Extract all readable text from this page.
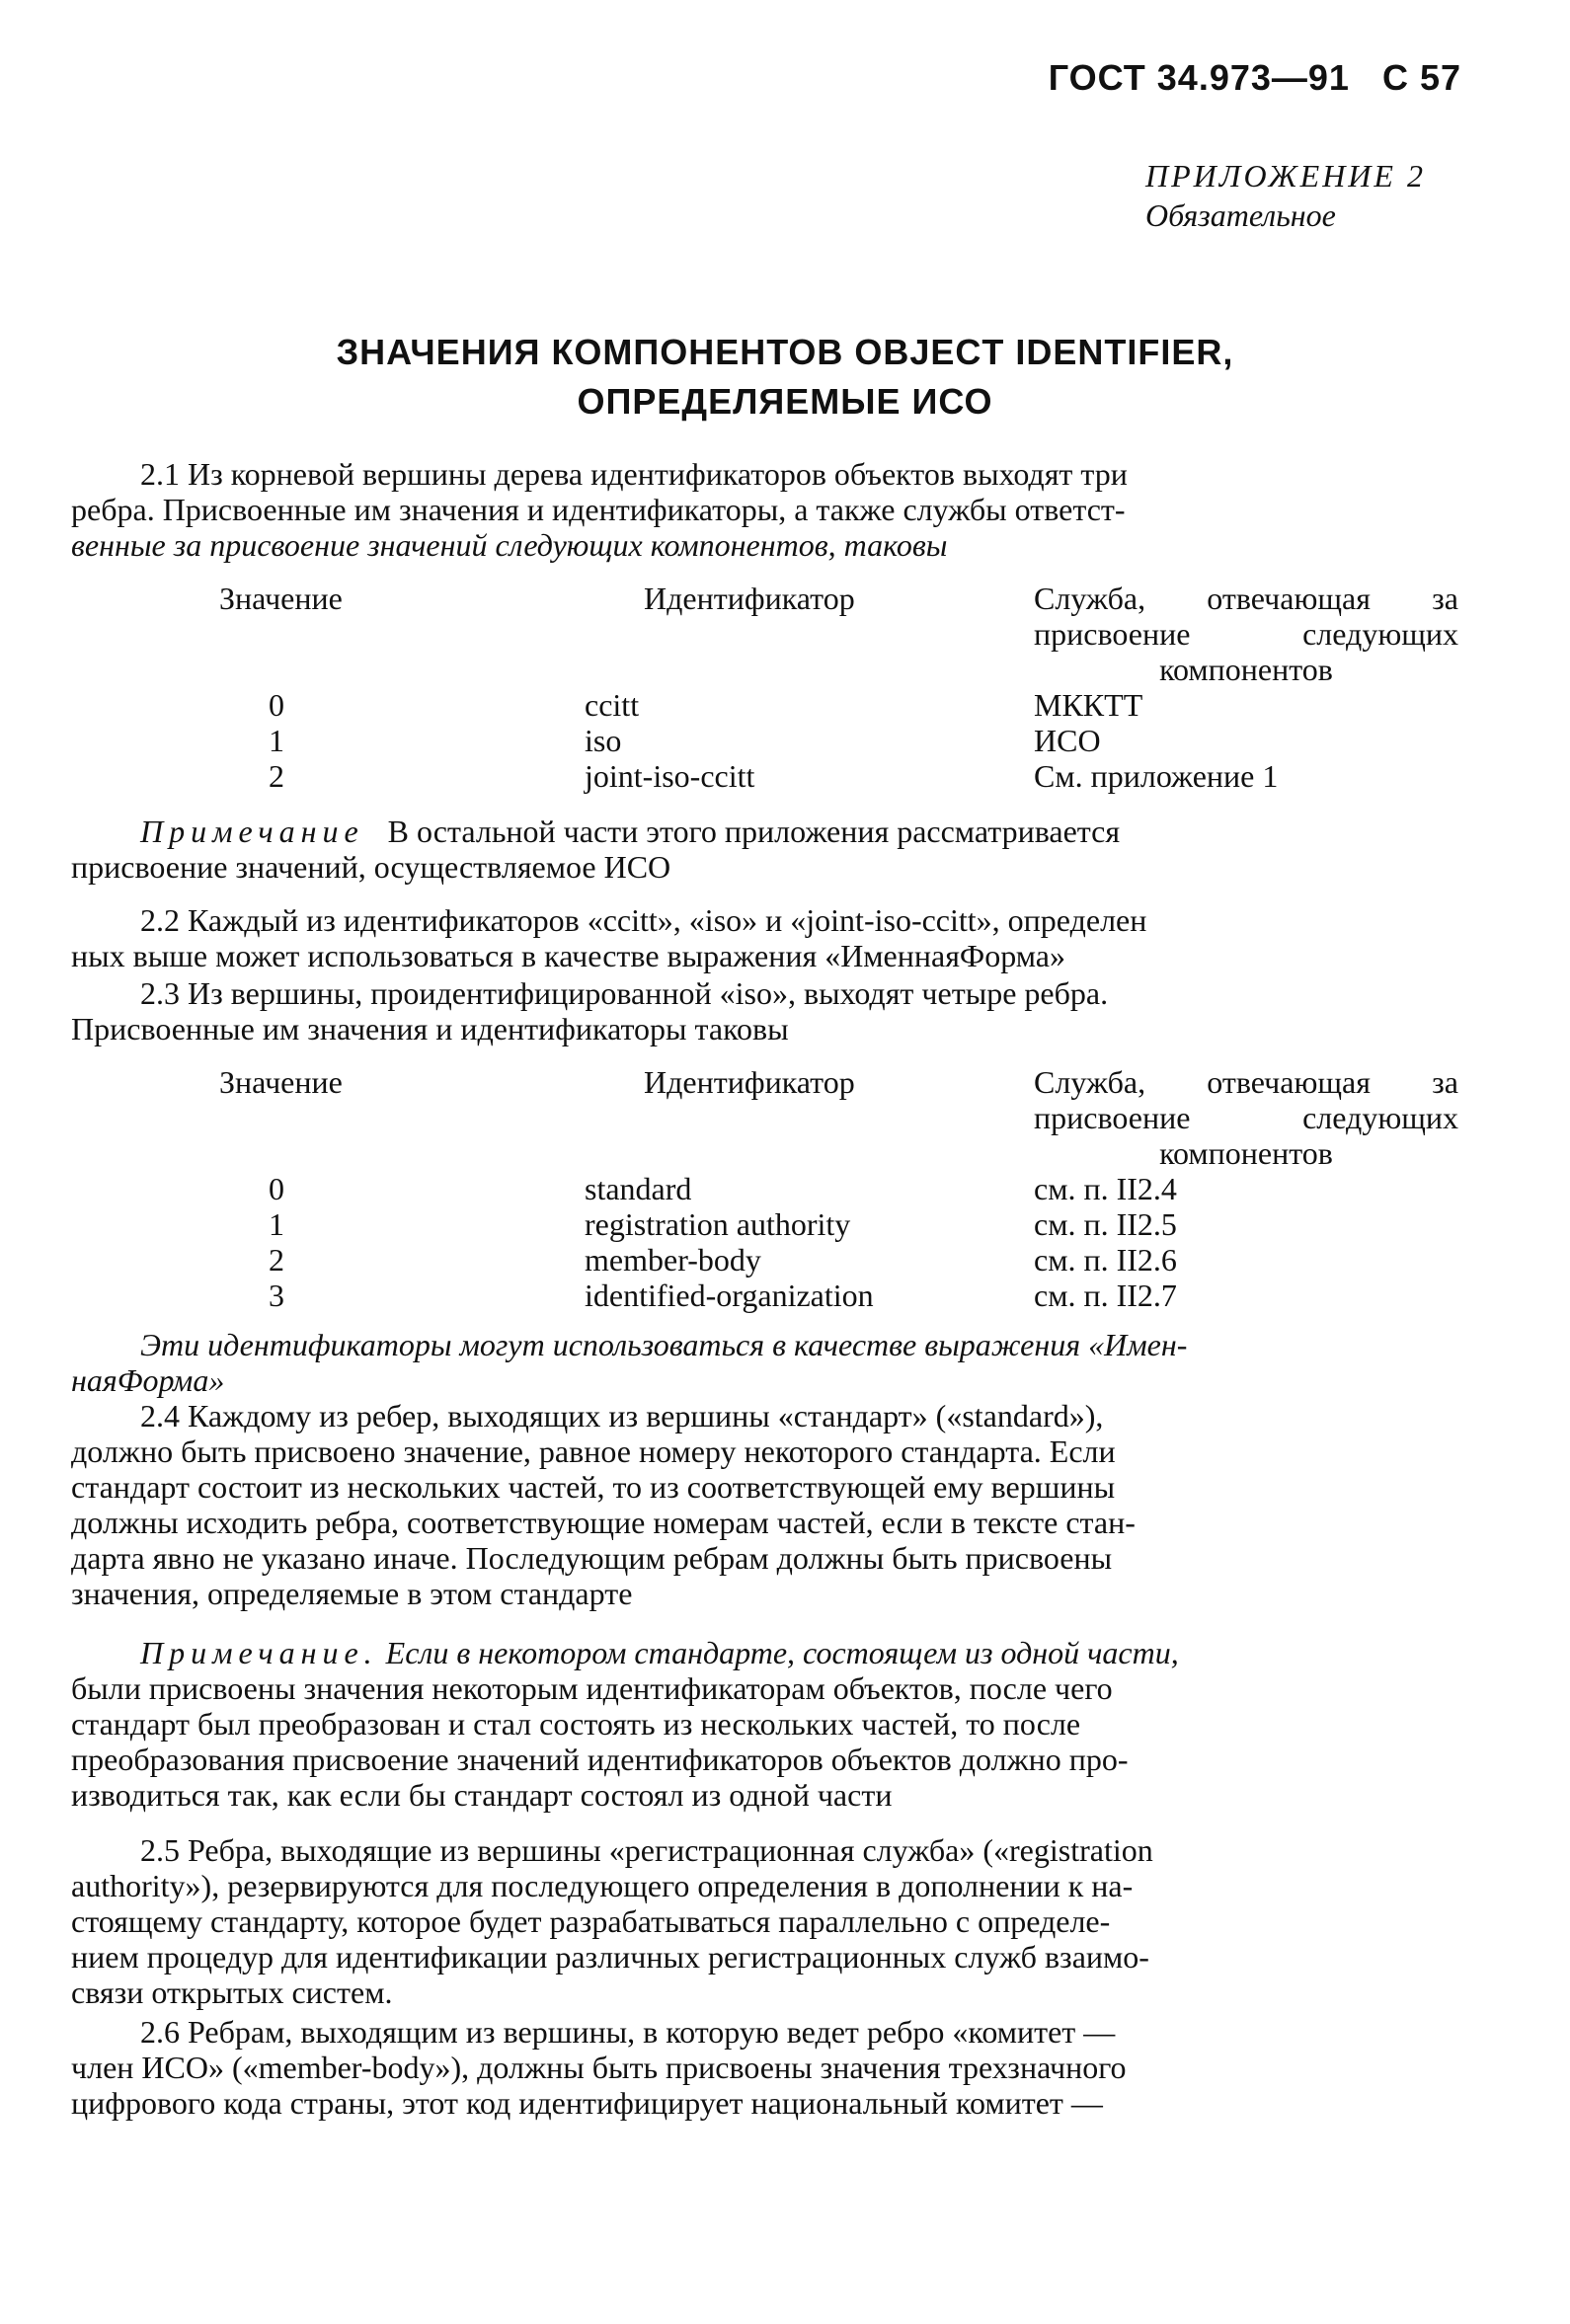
ГОСТ 34.973—91 С 57
ПРИЛОЖЕНИЕ 2
Обязательное
ЗНАЧЕНИЯ КОМПОНЕНТОВ OBJECT IDENTIFIER,
ОПРЕДЕЛЯЕМЫЕ ИСО
2.1 Из корневой вершины дерева идентификаторов объектов выходят три
ребра. Присвоенные им значения и идентификаторы, а также службы ответст-
венные за присвоение значений следующих компонентов, таковы
Значение	Идентификатор	Служба, отвечающая за
присвоение следующих
компонентов
0	ccitt	МККТТ
1	iso	ИСО
2	joint-iso-ccitt	См. приложение 1
Примечание В остальной части этого приложения рассматривается
присвоение значений, осуществляемое ИСО
2.2 Каждый из идентификаторов «ccitt», «iso» и «joint-iso-ccitt», определен
ных выше может использоваться в качестве выражения «ИменнаяФорма»
2.3 Из вершины, проидентифицированной «iso», выходят четыре ребра.
Присвоенные им значения и идентификаторы таковы
Значение	Идентификатор	Служба, отвечающая за
присвоение следующих
компонентов
0	standard	см. п. II2.4
1	registration authority	см. п. II2.5
2	member-body	см. п. II2.6
3	identified-organization	см. п. II2.7
Эти идентификаторы могут использоваться в качестве выражения «Имен-
наяФорма»
2.4 Каждому из ребер, выходящих из вершины «стандарт» («standard»),
должно быть присвоено значение, равное номеру некоторого стандарта. Если
стандарт состоит из нескольких частей, то из соответствующей ему вершины
должны исходить ребра, соответствующие номерам частей, если в тексте стан-
дарта явно не указано иначе. Последующим ребрам должны быть присвоены
значения, определяемые в этом стандарте
Примечание. Если в некотором стандарте, состоящем из одной части,
были присвоены значения некоторым идентификаторам объектов, после чего
стандарт был преобразован и стал состоять из нескольких частей, то после
преобразования присвоение значений идентификаторов объектов должно про-
изводиться так, как если бы стандарт состоял из одной части
2.5 Ребра, выходящие из вершины «регистрационная служба» («registration
authority»), резервируются для последующего определения в дополнении к на-
стоящему стандарту, которое будет разрабатываться параллельно с определе-
нием процедур для идентификации различных регистрационных служб взаимо-
связи открытых систем.
2.6 Ребрам, выходящим из вершины, в которую ведет ребро «комитет —
член ИСО» («member-body»), должны быть присвоены значения трехзначного
цифрового кода страны, этот код идентифицирует национальный комитет —
